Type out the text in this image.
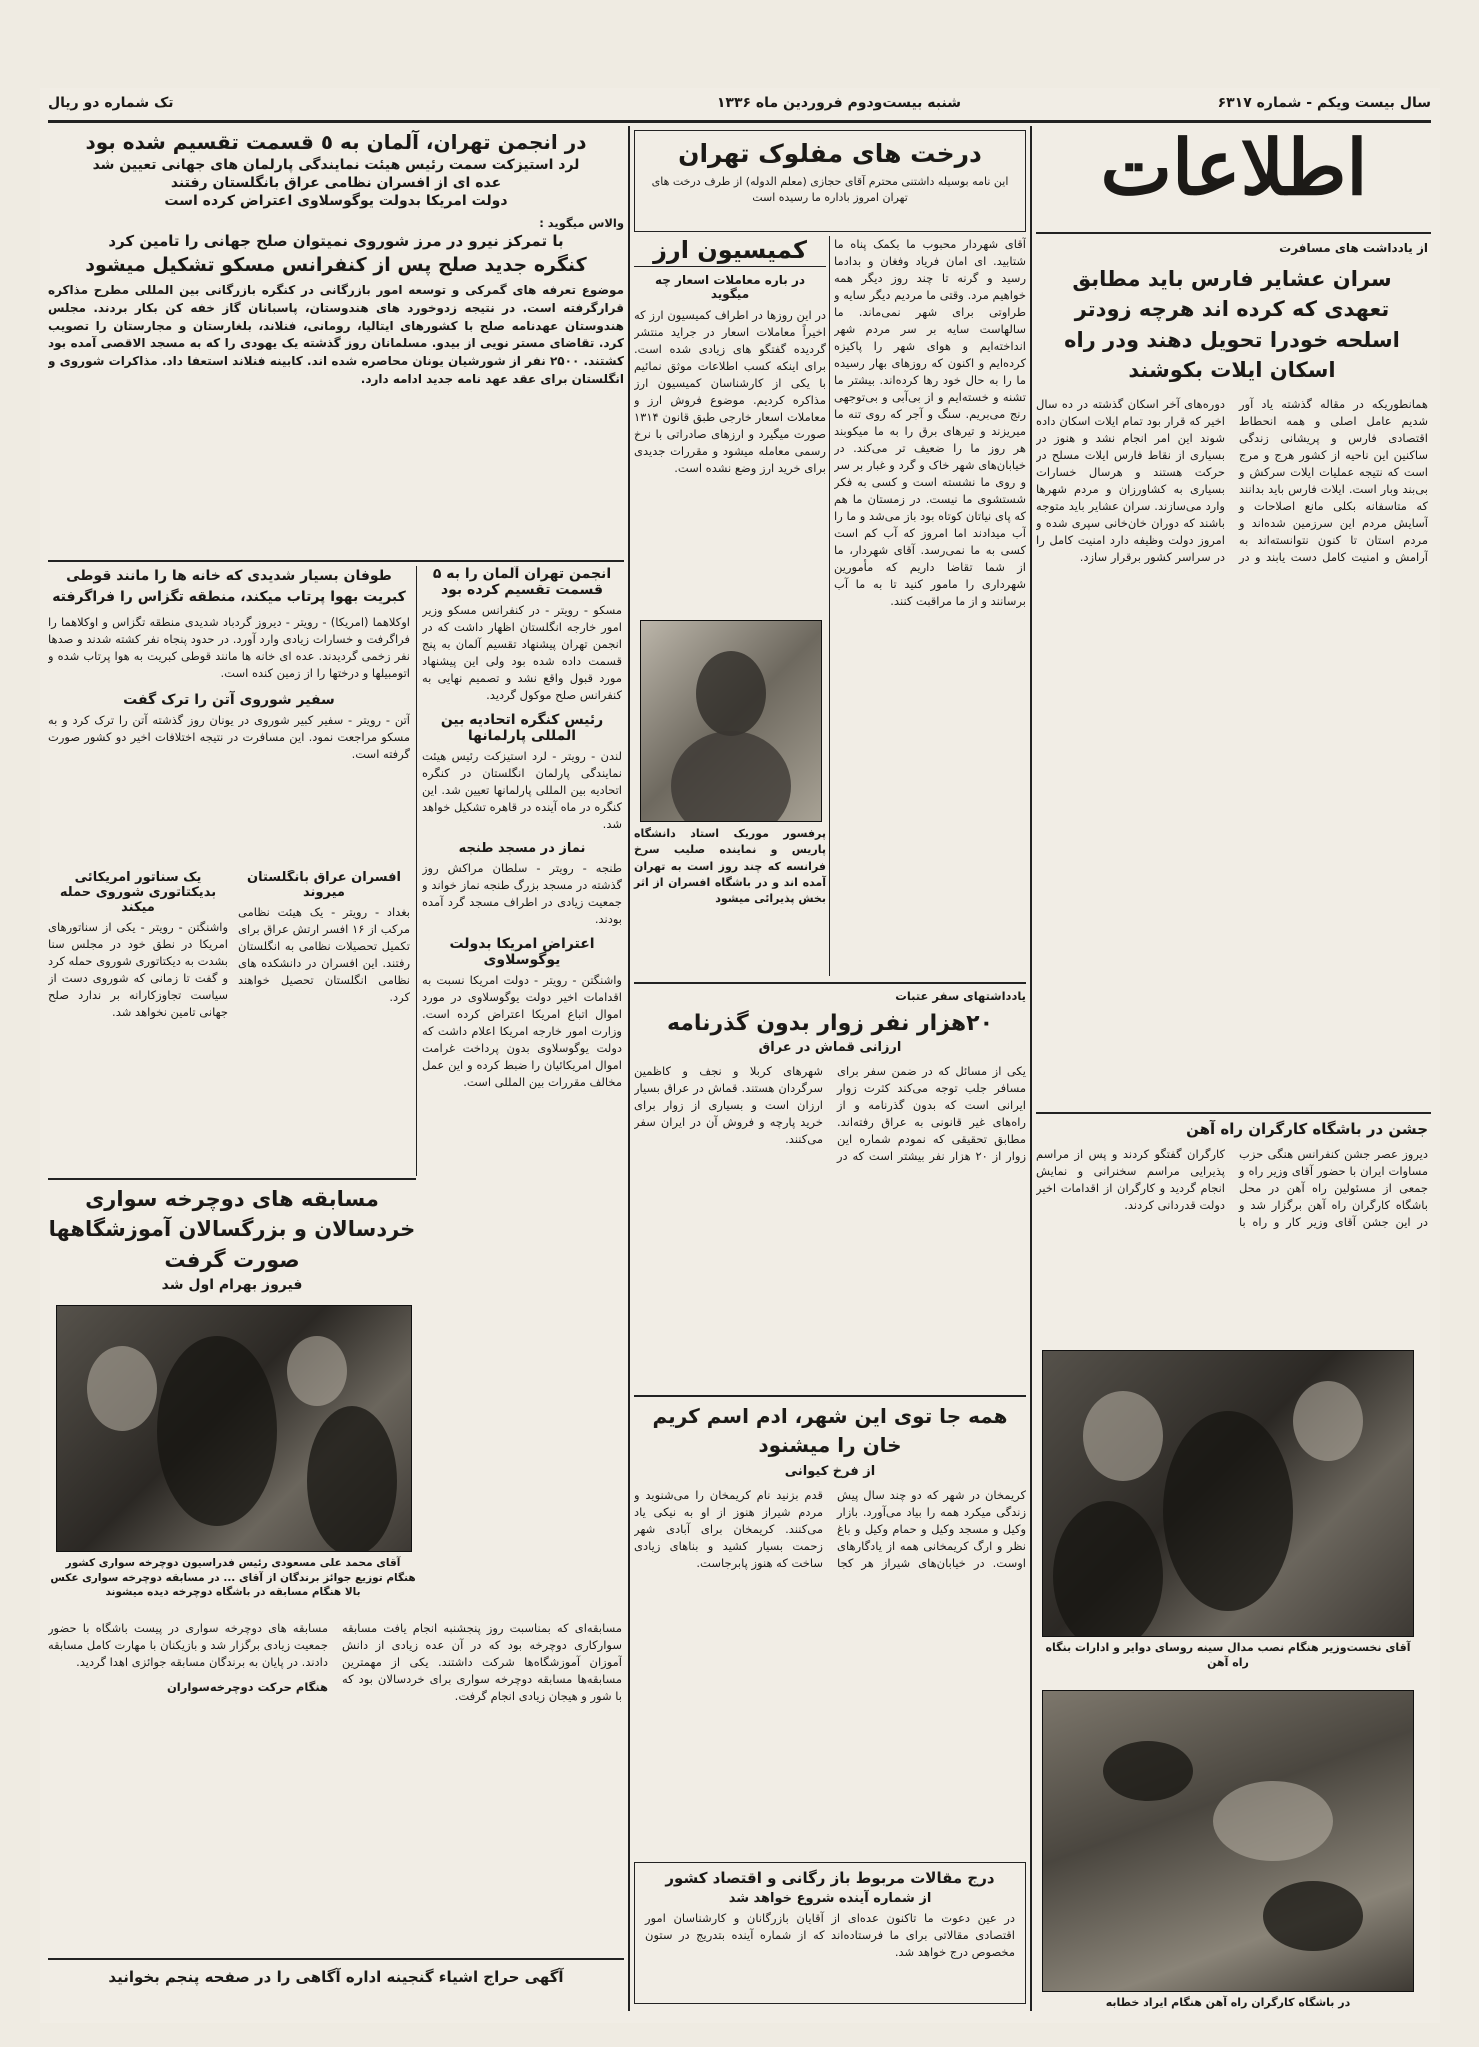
سال بیست ویکم - شماره ۶۳۱۷
شنبه بیست‌و‌دوم فروردین ماه ۱۳۳۶
تک شماره دو ریال
اطلاعات
از یادداشت های مسافرت
سران عشایر فارس باید مطابق تعهدی که کرده اند هرچه زودتر اسلحه خودرا تحویل دهند ودر راه اسکان ایلات بکوشند
همانطوریکه در مقاله گذشته یاد آور شدیم عامل اصلی و همه انحطاط اقتصادی فارس و پریشانی زندگی ساکنین این ناحیه از کشور هرج و مرج است که نتیجه عملیات ایلات سرکش و بی‌بند وبار است. ایلات فارس باید بدانند که متاسفانه بکلی مانع اصلاحات و آسایش مردم این سرزمین شده‌اند و مردم استان تا کنون نتوانسته‌اند به آرامش و امنیت کامل دست یابند و در دوره‌های آخر اسکان گذشته در ده سال اخیر که قرار بود تمام ایلات اسکان داده شوند این امر انجام نشد و هنوز در بسیاری از نقاط فارس ایلات مسلح در حرکت هستند و هرسال خسارات بسیاری به کشاورزان و مردم شهرها وارد می‌سازند. سران عشایر باید متوجه باشند که دوران خان‌خانی سپری شده و امروز دولت وظیفه دارد امنیت کامل را در سراسر کشور برقرار سازد.
جشن در باشگاه کارگران راه آهن
دیروز عصر جشن کنفرانس هنگی حزب مساوات ایران با حضور آقای وزیر راه و جمعی از مسئولین راه آهن در محل باشگاه کارگران راه آهن برگزار شد و در این جشن آقای وزیر کار و راه با کارگران گفتگو کردند و پس از مراسم پذیرایی مراسم سخنرانی و نمایش انجام گردید و کارگران از اقدامات اخیر دولت قدردانی کردند.
آقای نخست‌وزیر هنگام نصب مدال سینه روسای دوایر و ادارات بنگاه راه آهن
در باشگاه کارگران راه آهن هنگام ایراد خطابه
درخت های مفلوک تهران
این نامه بوسیله داشتنی محترم آقای حجازی (معلم الدوله) از طرف درخت های تهران امروز باداره ما رسیده است
کمیسیون ارز
در باره معاملات اسعار چه میگوید
در این روزها در اطراف کمیسیون ارز که اخیراً معاملات اسعار در جراید منتشر گردیده گفتگو های زیادی شده است. برای اینکه کسب اطلاعات موثق نمائیم با یکی از کارشناسان کمیسیون ارز مذاکره کردیم. موضوع فروش ارز و معاملات اسعار خارجی طبق قانون ۱۳۱۴ صورت میگیرد و ارزهای صادراتی با نرخ رسمی معامله میشود و مقررات جدیدی برای خرید ارز وضع نشده است.
پرفسور موریک استاد دانشگاه پاریس و نماینده صلیب سرخ فرانسه که چند روز است به تهران آمده اند و در باشگاه افسران از اثر بخش پذیرائی میشود
آقای شهردار محبوب ما بکمک پناه ما شتابید. ای امان فریاد وفغان و بدادما رسید و گرنه تا چند روز دیگر همه خواهیم مرد. وقتی ما مردیم دیگر سایه و طراوتی برای شهر نمی‌ماند. ما سالهاست سایه بر سر مردم شهر انداخته‌ایم و هوای شهر را پاکیزه کرده‌ایم و اکنون که روزهای بهار رسیده ما را به حال خود رها کرده‌اند. بیشتر ما تشنه و خسته‌ایم و از بی‌آبی و بی‌توجهی رنج می‌بریم. سنگ و آجر که روی تنه ما میریزند و تیرهای برق را به ما میکوبند هر روز ما را ضعیف تر می‌کند. در خیابان‌های شهر خاک و گرد و غبار بر سر و روی ما نشسته است و کسی به فکر شستشوی ما نیست. در زمستان ما هم که پای نیاتان کوتاه بود باز می‌شد و ما را آب میدادند اما امروز که آب کم است کسی به ما نمی‌رسد. آقای شهردار، ما از شما تقاضا داریم که مأمورین شهرداری را مامور کنید تا به ما آب برسانند و از ما مراقبت کنند.
یادداشتهای سفر عتبات
۲۰هزار نفر زوار بدون گذرنامه
ارزانی قماش در عراق
یکی از مسائل که در ضمن سفر برای مسافر جلب توجه می‌کند کثرت زوار ایرانی است که بدون گذرنامه و از راه‌های غیر قانونی به عراق رفته‌اند. مطابق تحقیقی که نمودم شماره این زوار از ۲۰ هزار نفر بیشتر است که در شهرهای کربلا و نجف و کاظمین سرگردان هستند. قماش در عراق بسیار ارزان است و بسیاری از زوار برای خرید پارچه و فروش آن در ایران سفر می‌کنند.
همه جا توی این شهر، ادم اسم کریم خان را میشنود
از فرخ کیوانی
کریمخان در شهر که دو چند سال پیش زندگی میکرد همه را بیاد می‌آورد. بازار وکیل و مسجد وکیل و حمام وکیل و باغ نظر و ارگ کریمخانی همه از یادگارهای اوست. در خیابان‌های شیراز هر کجا قدم بزنید نام کریمخان را می‌شنوید و مردم شیراز هنوز از او به نیکی یاد می‌کنند. کریمخان برای آبادی شهر زحمت بسیار کشید و بناهای زیادی ساخت که هنوز پابرجاست.
درج مقالات مربوط باز رگانی و اقتصاد کشور
از شماره آینده شروع خواهد شد
در عین دعوت ما تاکنون عده‌ای از آقایان بازرگانان و کارشناسان امور اقتصادی مقالاتی برای ما فرستاده‌اند که از شماره آینده بتدریج در ستون مخصوص درج خواهد شد.
در انجمن تهران، آلمان به ٥ قسمت تقسیم شده بود
لرد استیزکت سمت رئیس هیئت نمایندگی پارلمان های جهانی تعیین شد
عده ای از افسران نظامی عراق بانگلستان رفتند
دولت امریکا بدولت یوگوسلاوی اعتراض کرده است
والاس میگوید :
با تمرکز نیرو در مرز شوروی نمیتوان صلح جهانی را تامین کرد
کنگره جدید صلح پس از کنفرانس مسکو تشکیل میشود
موضوع تعرفه های گمرکی و توسعه امور بازرگانی در کنگره بازرگانی بین المللی مطرح مذاکره قرارگرفته است. در نتیجه زدوخورد های هندوستان، پاسبانان گاز خفه کن بکار بردند. مجلس هندوستان عهدنامه صلح با کشورهای ایتالیا، رومانی، فنلاند، بلغارستان و مجارستان را تصویب کرد. تقاضای مستر نویی از بیدو. مسلمانان روز گذشته یک یهودی را که به مسجد الاقصی آمده بود کشتند. ۲۵۰۰ نفر از شورشیان یونان محاصره شده اند. کابینه فنلاند استعفا داد. مذاکرات شوروی و انگلستان برای عقد عهد نامه جدید ادامه دارد.
طوفان بسیار شدیدی که خانه ها را مانند قوطی کبریت بهوا پرتاب میکند، منطقه تگزاس را فراگرفته
اوکلاهما (امریکا) - رویتر - دیروز گردباد شدیدی منطقه تگزاس و اوکلاهما را فراگرفت و خسارات زیادی وارد آورد. در حدود پنجاه نفر کشته شدند و صدها نفر زخمی گردیدند. عده ای خانه ها مانند قوطی کبریت به هوا پرتاب شده و اتومبیلها و درختها را از زمین کنده است.
سفیر شوروی آتن را ترک گفت
آتن - رویتر - سفیر کبیر شوروی در یونان روز گذشته آتن را ترک کرد و به مسکو مراجعت نمود. این مسافرت در نتیجه اختلافات اخیر دو کشور صورت گرفته است.
افسران عراق بانگلستان میروند
بغداد - رویتر - یک هیئت نظامی مرکب از ۱۶ افسر ارتش عراق برای تکمیل تحصیلات نظامی به انگلستان رفتند. این افسران در دانشکده های نظامی انگلستان تحصیل خواهند کرد.
یک سناتور امریکائی بدیکتاتوری شوروی حمله میکند
واشنگتن - رویتر - یکی از سناتورهای امریکا در نطق خود در مجلس سنا بشدت به دیکتاتوری شوروی حمله کرد و گفت تا زمانی که شوروی دست از سیاست تجاوزکارانه بر ندارد صلح جهانی تامین نخواهد شد.
انجمن تهران آلمان را به ۵ قسمت تقسیم کرده بود
مسکو - رویتر - در کنفرانس مسکو وزیر امور خارجه انگلستان اظهار داشت که در انجمن تهران پیشنهاد تقسیم آلمان به پنج قسمت داده شده بود ولی این پیشنهاد مورد قبول واقع نشد و تصمیم نهایی به کنفرانس صلح موکول گردید.
رئیس کنگره اتحادیه بین المللی پارلمانها
لندن - رویتر - لرد استیزکت رئیس هیئت نمایندگی پارلمان انگلستان در کنگره اتحادیه بین المللی پارلمانها تعیین شد. این کنگره در ماه آینده در قاهره تشکیل خواهد شد.
نماز در مسجد طنجه
طنجه - رویتر - سلطان مراکش روز گذشته در مسجد بزرگ طنجه نماز خواند و جمعیت زیادی در اطراف مسجد گرد آمده بودند.
اعتراض امریکا بدولت یوگوسلاوی
واشنگتن - رویتر - دولت امریکا نسبت به اقدامات اخیر دولت یوگوسلاوی در مورد اموال اتباع امریکا اعتراض کرده است. وزارت امور خارجه امریکا اعلام داشت که دولت یوگوسلاوی بدون پرداخت غرامت اموال امریکائیان را ضبط کرده و این عمل مخالف مقررات بین المللی است.
مسابقه های دوچرخه سواری خردسالان و بزرگسالان آموزشگاهها صورت گرفت
فیروز بهرام اول شد
آقای محمد علی مسعودی رئیس فدراسیون دوچرخه سواری کشور هنگام توزیع جوائز برندگان از آقای ... در مسابقه دوچرخه سواری عکس بالا هنگام مسابقه در باشگاه دوچرخه دیده میشوند
مسابقه‌ای که بمناسبت روز پنجشنبه انجام یافت مسابقه سوارکاری دوچرخه بود که در آن عده زیادی از دانش آموزان آموزشگاه‌ها شرکت داشتند. یکی از مهمترین مسابقه‌ها مسابقه دوچرخه سواری برای خردسالان بود که با شور و هیجان زیادی انجام گرفت.
مسابقه های دوچرخه سواری در پیست باشگاه با حضور جمعیت زیادی برگزار شد و بازیکنان با مهارت کامل مسابقه دادند. در پایان به برندگان مسابقه جوائزی اهدا گردید.
هنگام حرکت دوچرخه‌سواران
آگهی حراج اشیاء گنجینه اداره آگاهی را در صفحه پنجم بخوانید
